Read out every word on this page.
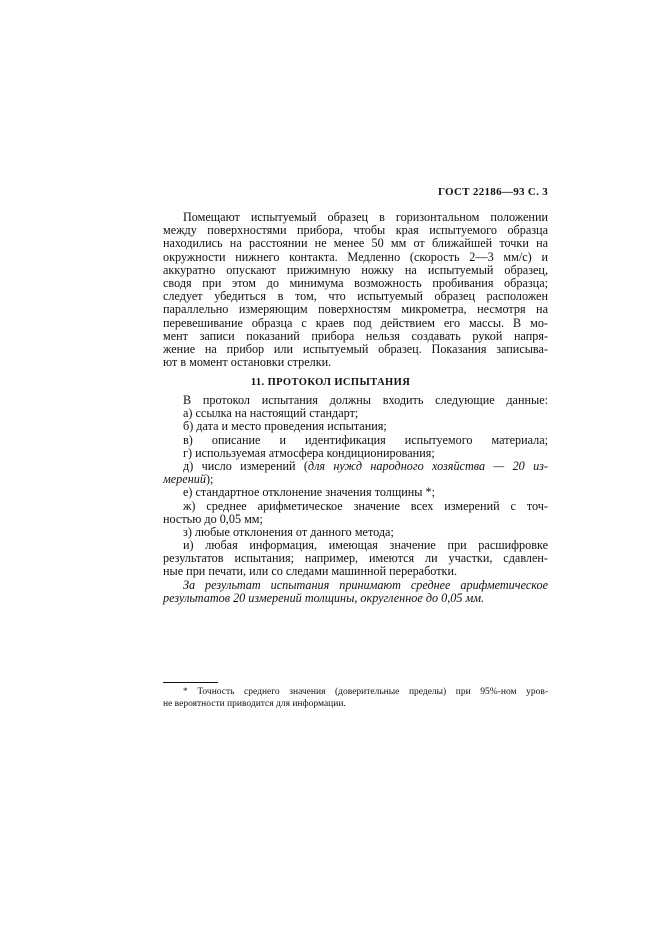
ГОСТ 22186—93 С. 3
Помещают испытуемый образец в горизонтальном положении
между поверхностями прибора, чтобы края испытуемого образца
находились на расстоянии не менее 50 мм от ближайшей точки на
окружности нижнего контакта. Медленно (скорость 2—3 мм/с) и
аккуратно опускают прижимную ножку на испытуемый образец,
сводя при этом до минимума возможность пробивания образца;
следует убедиться в том, что испытуемый образец расположен
параллельно измеряющим поверхностям микрометра, несмотря на
перевешивание образца с краев под действием его массы. В мо-
мент записи показаний прибора нельзя создавать рукой напря-
жение на прибор или испытуемый образец. Показания записыва-
ют в момент остановки стрелки.
11. ПРОТОКОЛ ИСПЫТАНИЯ
В протокол испытания должны входить следующие данные:
а) ссылка на настоящий стандарт;
б) дата и место проведения испытания;
в) описание и идентификация испытуемого материала;
г) используемая атмосфера кондиционирования;
д) число измерений (для нужд народного хозяйства — 20 из-
мерений);
е) стандартное отклонение значения толщины *;
ж) среднее арифметическое значение всех измерений с точ-
ностью до 0,05 мм;
з) любые отклонения от данного метода;
и) любая информация, имеющая значение при расшифровке
результатов испытания; например, имеются ли участки, сдавлен-
ные при печати, или со следами машинной переработки.
За результат испытания принимают среднее арифметическое
результатов 20 измерений толщины, округленное до 0,05 мм.
* Точность среднего значения (доверительные пределы) при 95%-ном уров-
не вероятности приводится для информации.
